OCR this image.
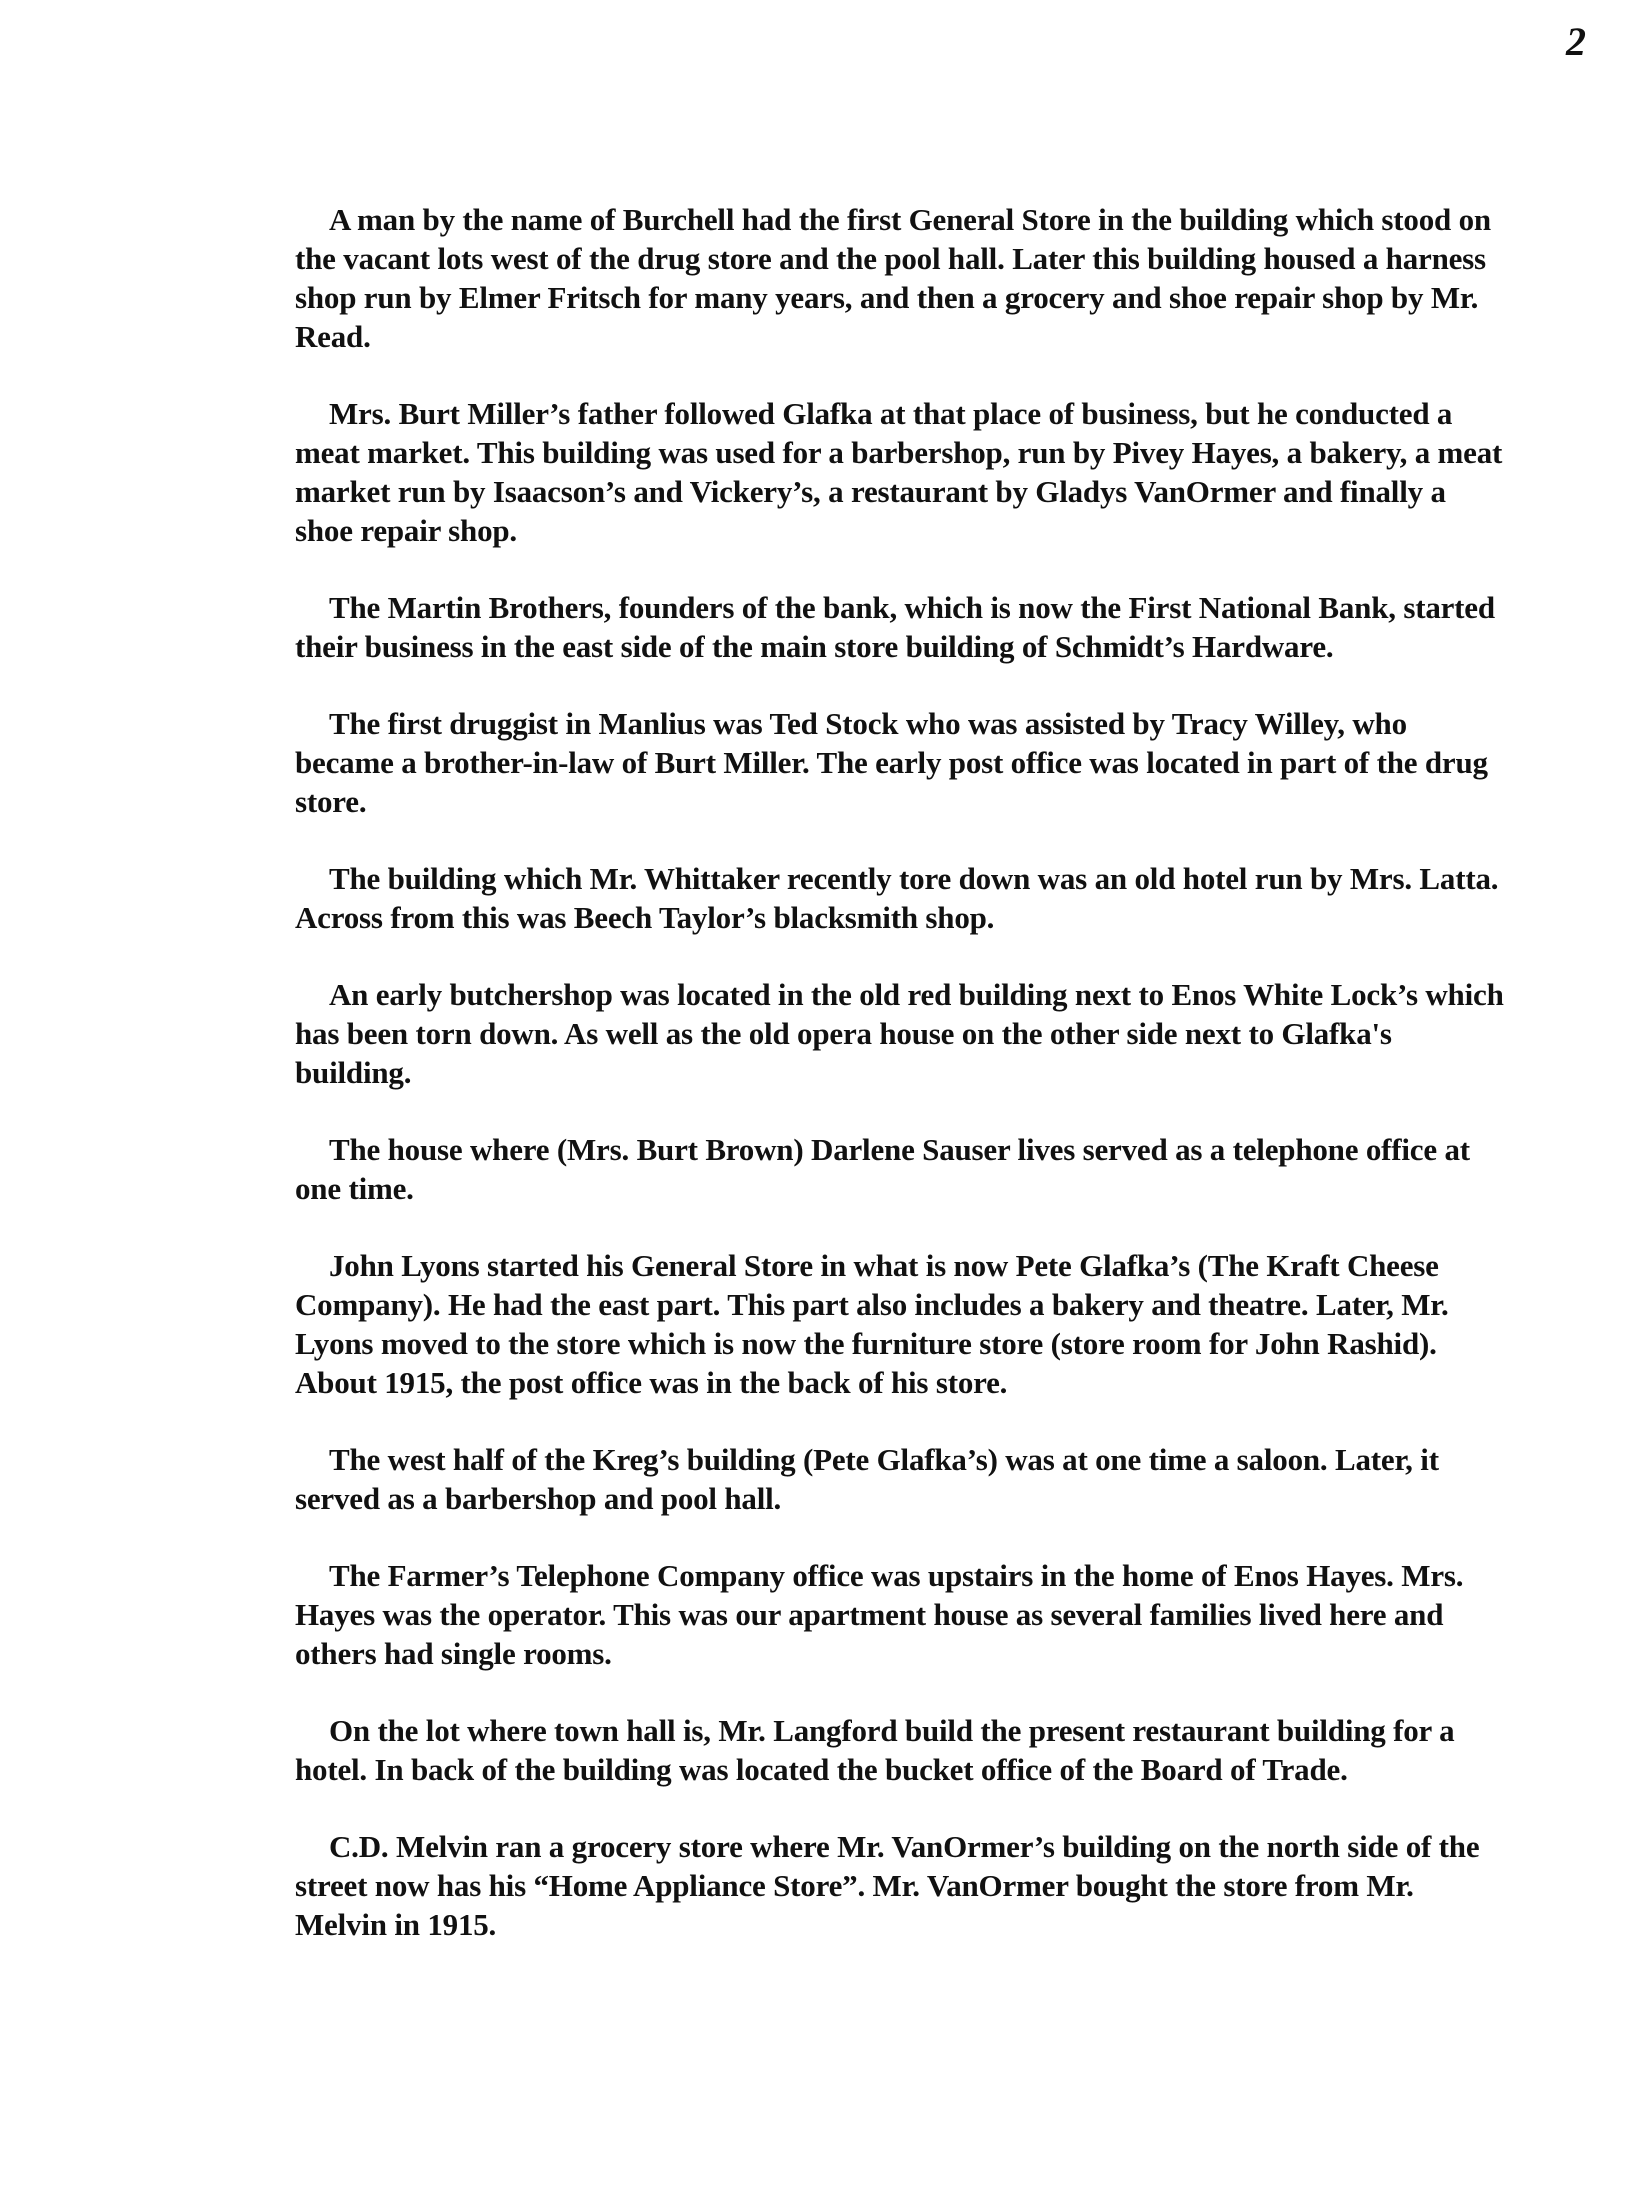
2

A man by the name of Burchell had the first General Store in the building which stood on the vacant lots west of the drug store and the pool hall. Later this building housed a harness shop run by Elmer Fritsch for many years, and then a grocery and shoe repair shop by Mr. Read.

Mrs. Burt Miller’s father followed Glafka at that place of business, but he conducted a meat market. This building was used for a barbershop, run by Pivey Hayes, a bakery, a meat market run by Isaacson’s and Vickery’s, a restaurant by Gladys VanOrmer and finally a shoe repair shop.

The Martin Brothers, founders of the bank, which is now the First National Bank, started their business in the east side of the main store building of Schmidt’s Hardware.

The first druggist in Manlius was Ted Stock who was assisted by Tracy Willey, who became a brother-in-law of Burt Miller. The early post office was located in part of the drug store.

The building which Mr. Whittaker recently tore down was an old hotel run by Mrs. Latta. Across from this was Beech Taylor’s blacksmith shop.

An early butchershop was located in the old red building next to Enos White Lock’s which has been torn down. As well as the old opera house on the other side next to Glafka's building.

The house where (Mrs. Burt Brown) Darlene Sauser lives served as a telephone office at one time.

John Lyons started his General Store in what is now Pete Glafka’s (The Kraft Cheese Company). He had the east part. This part also includes a bakery and theatre. Later, Mr. Lyons moved to the store which is now the furniture store (store room for John Rashid). About 1915, the post office was in the back of his store.

The west half of the Kreg’s building (Pete Glafka’s) was at one time a saloon. Later, it served as a barbershop and pool hall.

The Farmer’s Telephone Company office was upstairs in the home of Enos Hayes. Mrs. Hayes was the operator. This was our apartment house as several families lived here and others had single rooms.

On the lot where town hall is, Mr. Langford build the present restaurant building for a hotel. In back of the building was located the bucket office of the Board of Trade.

C.D. Melvin ran a grocery store where Mr. VanOrmer’s building on the north side of the street now has his “Home Appliance Store”. Mr. VanOrmer bought the store from Mr. Melvin in 1915.
